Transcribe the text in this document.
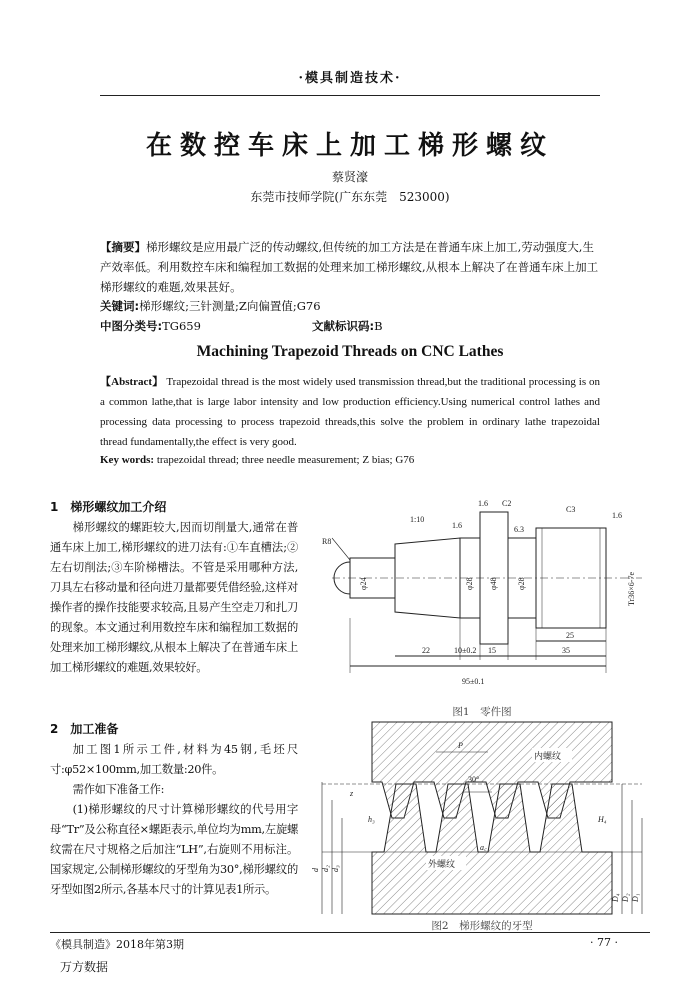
·模具制造技术·
在数控车床上加工梯形螺纹
蔡贤濠
东莞市技师学院(广东东莞　523000)
【摘要】梯形螺纹是应用最广泛的传动螺纹,但传统的加工方法是在普通车床上加工,劳动强度大,生产效率低。利用数控车床和编程加工数据的处理来加工梯形螺纹,从根本上解决了在普通车床上加工梯形螺纹的难题,效果甚好。
关键词:梯形螺纹;三针测量;Z向偏置值;G76
中图分类号:TG659	文献标识码:B
Machining Trapezoid Threads on CNC Lathes
【Abstract】 Trapezoidal thread is the most widely used transmission thread,but the traditional processing is on a common lathe,that is large labor intensity and low production efficiency.Using numerical control lathes and processing data processing to process trapezoid threads,this solve the problem in ordinary lathe trapezoidal thread fundamentally,the effect is very good.
Key words: trapezoidal thread; three needle measurement; Z bias; G76
1　梯形螺纹加工介绍

梯形螺纹的螺距较大,因而切削量大,通常在普通车床上加工,梯形螺纹的进刀法有:①车直槽法;②左右切削法;③车阶梯槽法。不管是采用哪种方法,刀具左右移动量和径向进刀量都要凭借经验,这样对操作者的操作技能要求较高,且易产生空走刀和扎刀的现象。本文通过利用数控车床和编程加工数据的处理来加工梯形螺纹,从根本上解决了在普通车床上加工梯形螺纹的难题,效果较好。

2　加工准备

加工图1所示工件,材料为45钢,毛坯尺寸:φ52×100mm,加工数量:20件。

需作如下准备工作:

(1)梯形螺纹的尺寸计算梯形螺纹的代号用字母“Tr”及公称直径×螺距表示,单位均为mm,左旋螺纹需在尺寸规格之后加注“LH”,右旋则不用标注。国家规定,公制梯形螺纹的牙型角为30°,梯形螺纹的牙型如图2所示,各基本尺寸的计算见表1所示。

1:10
R8
1.6
1.6 C2
C3
6.3
1.6
φ24	φ28 φ48 φ28	Tr36×6-7e
25
22	10±0.2 15	35
95±0.1
图1　零件图
P
30°
内螺纹
外螺纹
z
h₃
a꜀
H₄
d d₂ d₃
D₄ D₂ D₁
图2　梯形螺纹的牙型
《模具制造》2018年第3期	· 77 ·
万方数据
